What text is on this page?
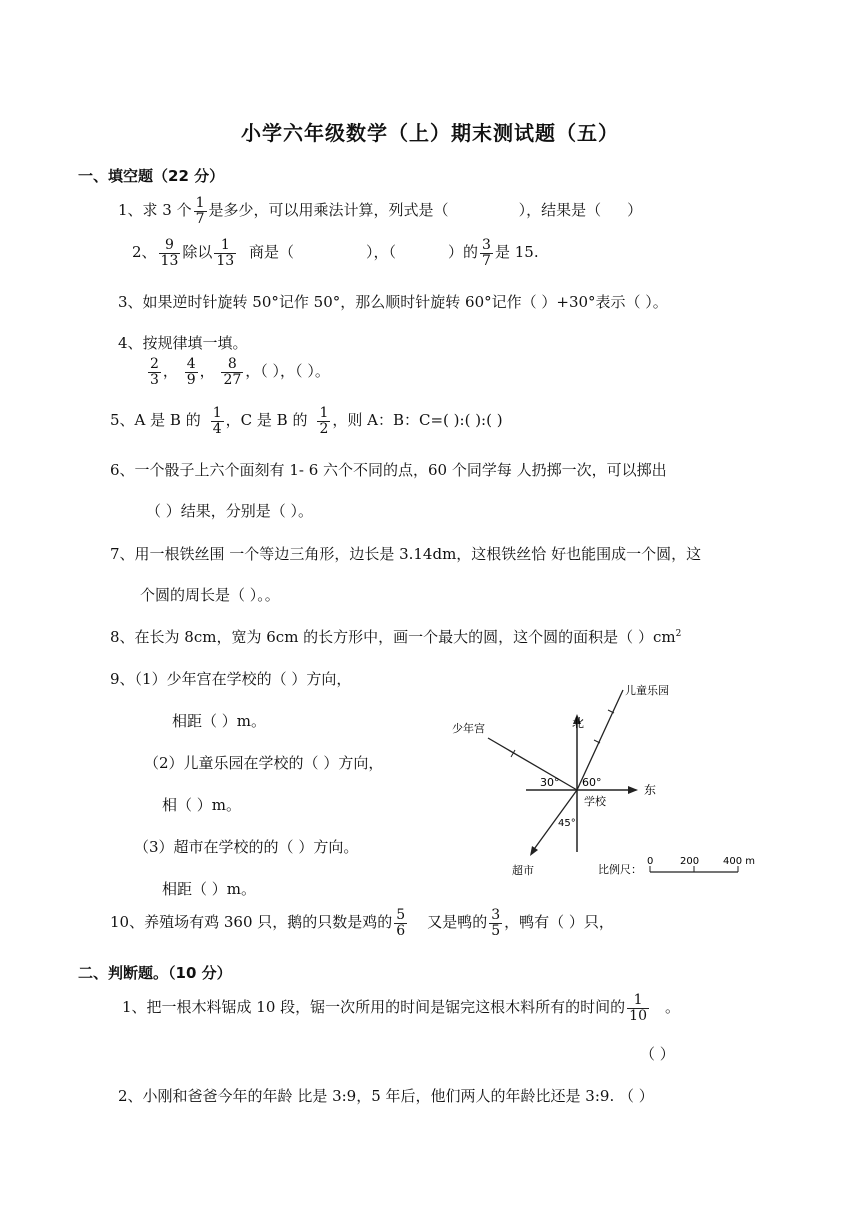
小学六年级数学（上）期末测试题（五）
一、填空题（22 分）
1、求 3 个 $\frac{1}{7}$ 是多少，可以用乘法计算，列式是（	），结果是（ ）
2、 $\frac{9}{13}$ 除以 $\frac{1}{13}$ 商是（	），（	）的 $\frac{3}{7}$ 是 15.
3、如果逆时针旋转 50°记作 50°，那么顺时针旋转 60°记作（ ）+30°表示（ ）。
4、按规律填一填。
$\frac{2}{3}$ ， $\frac{4}{9}$ ， $\frac{8}{27}$ ，（ ），（ ）。
5、A 是 B 的 $\frac{1}{4}$ ，C 是 B 的 $\frac{1}{2}$ ，则 A：B：C=( ):( ):( )
6、一个骰子上六个面刻有 1- 6 六个不同的点，60 个同学每 人扔掷一次，可以掷出
（ ）结果，分别是（ ）。
7、用一根铁丝围 一个等边三角形，边长是 3.14dm，这根铁丝恰 好也能围成一个圆，这
个圆的周长是（ ）。。
8、在长为 8cm，宽为 6cm 的长方形中，画一个最大的圆，这个圆的面积是（ ）$cm^2$
9、（1）少年宫在学校的（ ）方向，
相距（ ）m。
（2）儿童乐园在学校的（ ）方向，
相（ ）m。
（3）超市在学校的的（ ）方向。
相距（ ）m。
北
东
学校
少年宫
儿童乐园
超市
30° 60°
45°
比例尺：
0	200 400 m
10、养殖场有鸡 360 只，鹅的只数是鸡的 $\frac{5}{6}$ 又是鸭的 $\frac{3}{5}$ ，鸭有（ ）只，
二、判断题。（10 分）
1、把一根木料锯成 10 段，锯一次所用的时间是锯完这根木料所有的时间的 $\frac{1}{10}$ 。
（ ）
2、小刚和爸爸今年的年龄 比是 3:9，5 年后，他们两人的年龄比还是 3:9. （ ）
